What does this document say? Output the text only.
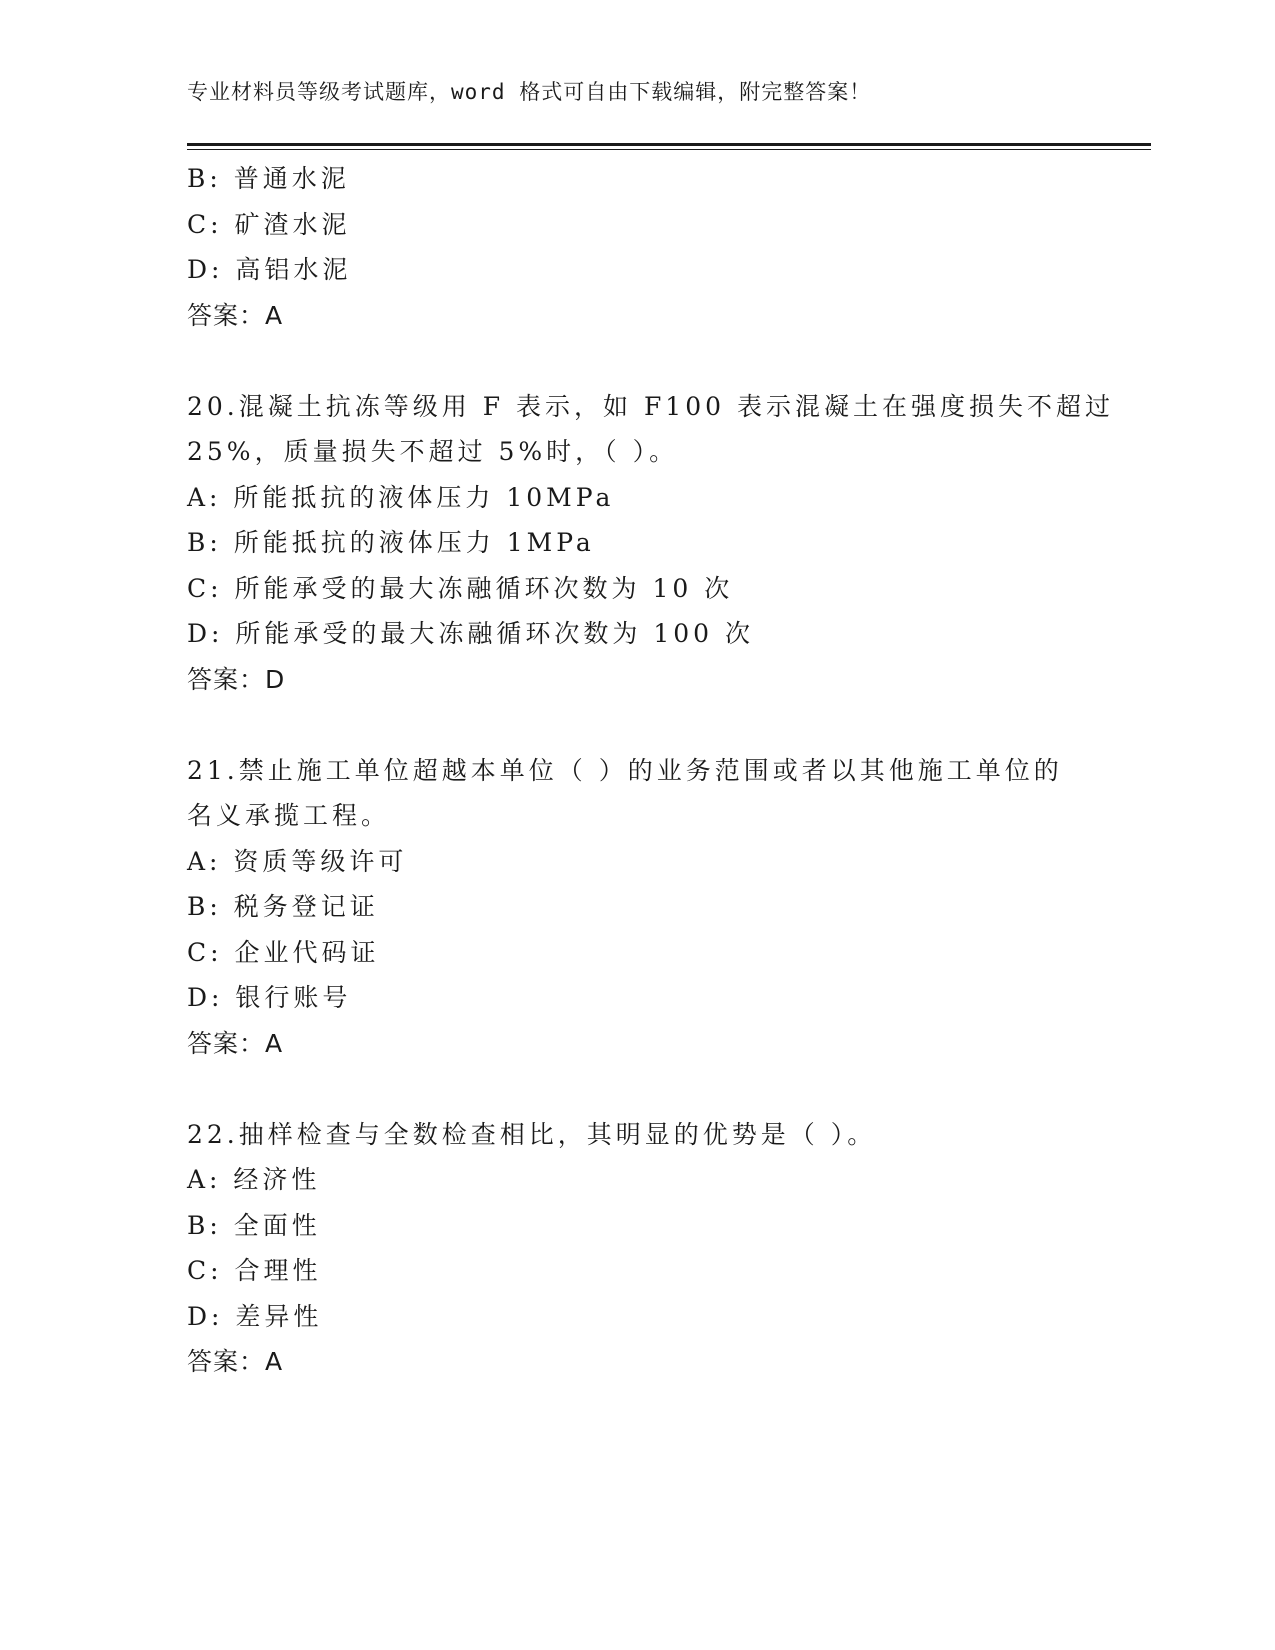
专业材料员等级考试题库，word 格式可自由下载编辑，附完整答案！
B: 普通水泥
C: 矿渣水泥
D: 高铝水泥
答案：A
20.混凝土抗冻等级用 F 表示，如 F100 表示混凝土在强度损失不超过
25%，质量损失不超过 5%时，（ ）。
A: 所能抵抗的液体压力 10MPa
B: 所能抵抗的液体压力 1MPa
C: 所能承受的最大冻融循环次数为 10 次
D: 所能承受的最大冻融循环次数为 100 次
答案：D
21.禁止施工单位超越本单位（ ）的业务范围或者以其他施工单位的
名义承揽工程。
A: 资质等级许可
B: 税务登记证
C: 企业代码证
D: 银行账号
答案：A
22.抽样检查与全数检查相比，其明显的优势是（ ）。
A: 经济性
B: 全面性
C: 合理性
D: 差异性
答案：A
